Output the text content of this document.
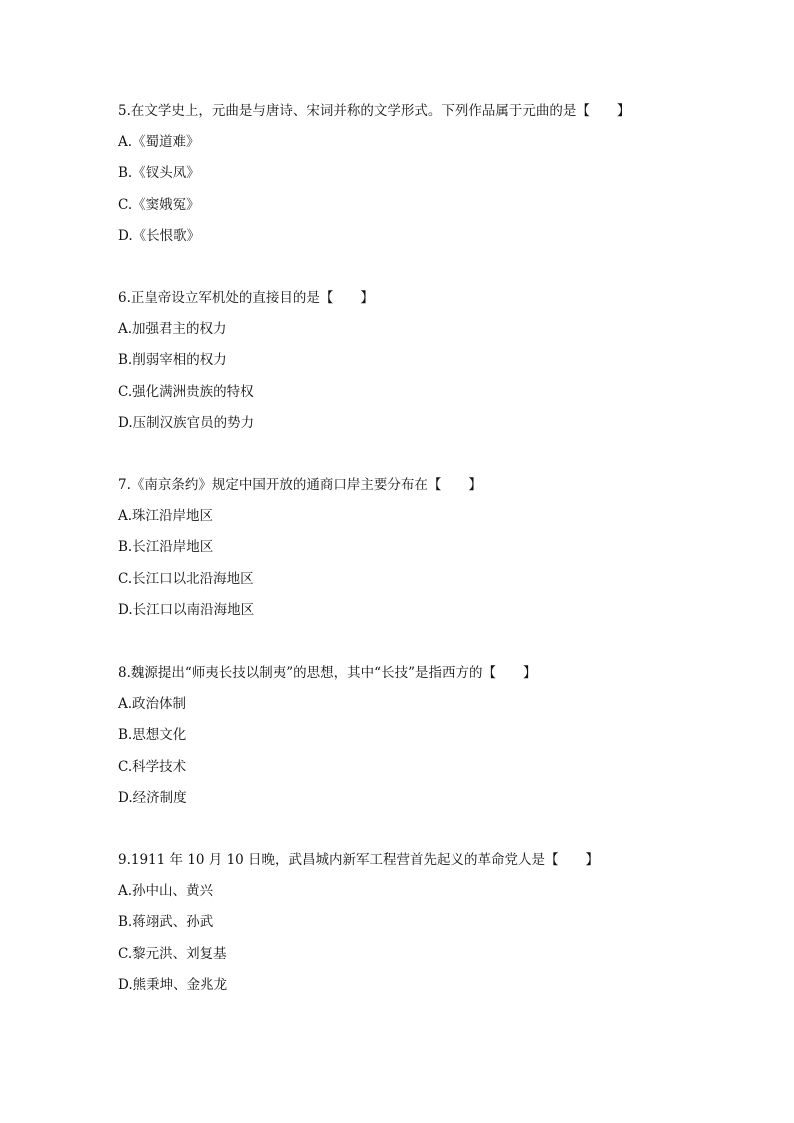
5.在文学史上，元曲是与唐诗、宋词并称的文学形式。下列作品属于元曲的是【　　】
A.《蜀道难》
B.《钗头凤》
C.《窦娥冤》
D.《长恨歌》
6.正皇帝设立军机处的直接目的是【　　】
A.加强君主的权力
B.削弱宰相的权力
C.强化满洲贵族的特权
D.压制汉族官员的势力
7.《南京条约》规定中国开放的通商口岸主要分布在【　　】
A.珠江沿岸地区
B.长江沿岸地区
C.长江口以北沿海地区
D.长江口以南沿海地区
8.魏源提出“师夷长技以制夷”的思想，其中“长技”是指西方的【　　】
A.政治体制
B.思想文化
C.科学技术
D.经济制度
9.1911 年 10 月 10 日晚，武昌城内新军工程营首先起义的革命党人是【　　】
A.孙中山、黄兴
B.蒋翊武、孙武
C.黎元洪、刘复基
D.熊秉坤、金兆龙
